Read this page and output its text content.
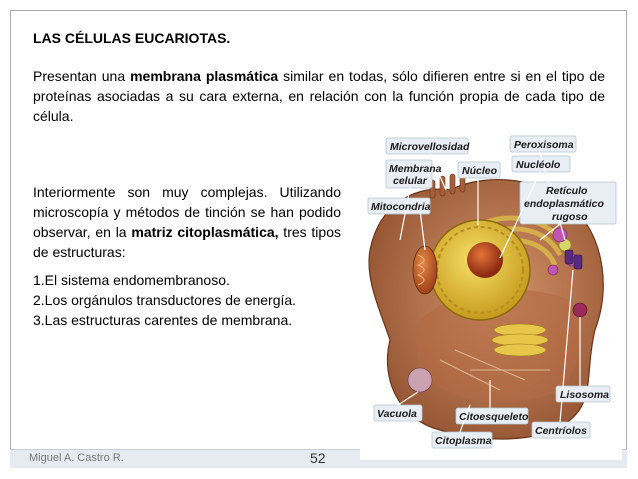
LAS CÉLULAS EUCARIOTAS.
Presentan una membrana plasmática similar en todas, sólo difieren entre si en el tipo de proteínas asociadas a su cara externa, en relación con la función propia de cada tipo de célula.
Interiormente son muy complejas. Utilizando microscopía y métodos de tinción se han podido observar, en la matriz citoplasmática, tres tipos de estructuras:
1.El sistema endomembranoso.
2.Los orgánulos transductores de energía.
3.Las estructuras carentes de membrana.
Miguel A. Castro R.	52
Microvellosidad	Peroxisoma
Membrana
celular
Núcleo Nucléolo
Mitocondria
Retículo
endoplasmático
rugoso
Vacuola	Citoesqueleto
Lisosoma
Citoplasma
Centríolos
